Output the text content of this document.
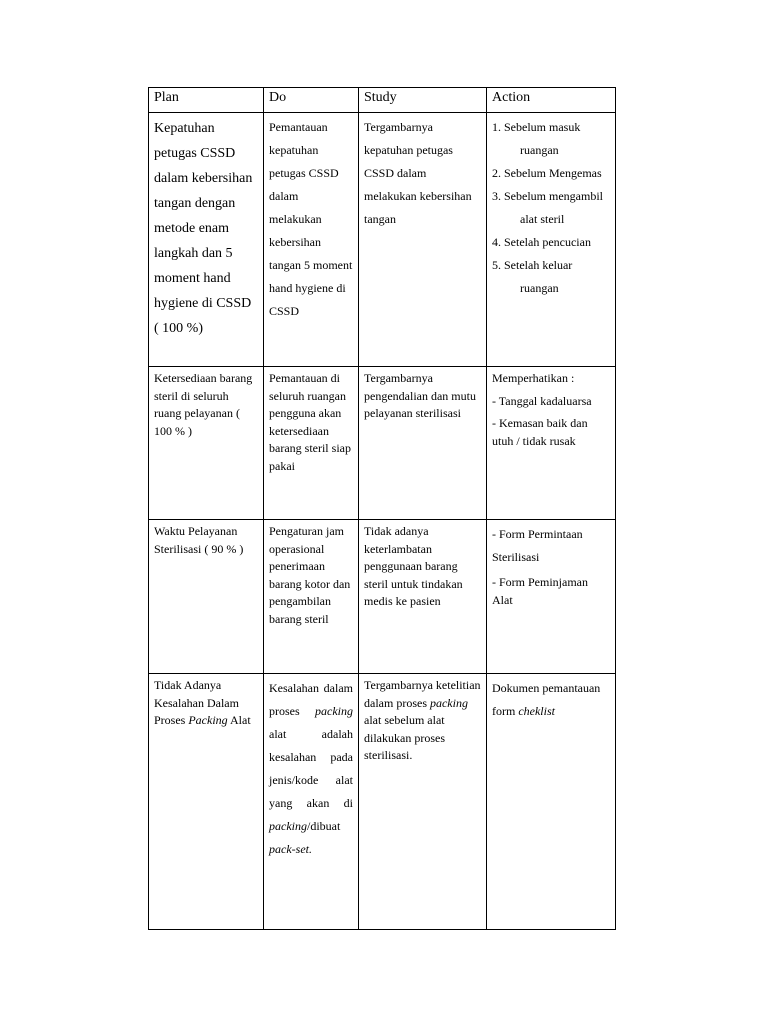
Plan	Do	Study	Action
Kepatuhan petugas CSSD dalam kebersihan tangan dengan metode enam langkah dan 5 moment hand hygiene di CSSD ( 100 %)	Pemantauan kepatuhan petugas CSSD dalam melakukan kebersihan tangan 5 moment hand hygiene di CSSD	Tergambarnya kepatuhan petugas CSSD dalam melakukan kebersihan tangan	1. Sebelum masuk ruangan
2. Sebelum Mengemas
3. Sebelum mengambil alat steril
4. Setelah pencucian
5. Setelah keluar ruangan

Ketersediaan barang steril di seluruh ruang pelayanan ( 100 % )	Pemantauan di seluruh ruangan pengguna akan ketersediaan barang steril siap pakai	Tergambarnya pengendalian dan mutu pelayanan sterilisasi	Memperhatikan :
- Tanggal kadaluarsa
- Kemasan baik dan utuh / tidak rusak

Waktu Pelayanan Sterilisasi ( 90 % )	Pengaturan jam operasional penerimaan barang kotor dan pengambilan barang steril	Tidak adanya keterlambatan penggunaan barang steril untuk tindakan medis ke pasien	- Form Permintaan Sterilisasi
- Form Peminjaman Alat

Tidak Adanya Kesalahan Dalam Proses Packing Alat	Kesalahan dalam proses packing alat adalah kesalahan pada jenis/kode alat yang akan di packing/dibuat pack-set.	Tergambarnya ketelitian dalam proses packing alat sebelum alat dilakukan proses sterilisasi.	Dokumen pemantauan form cheklist
